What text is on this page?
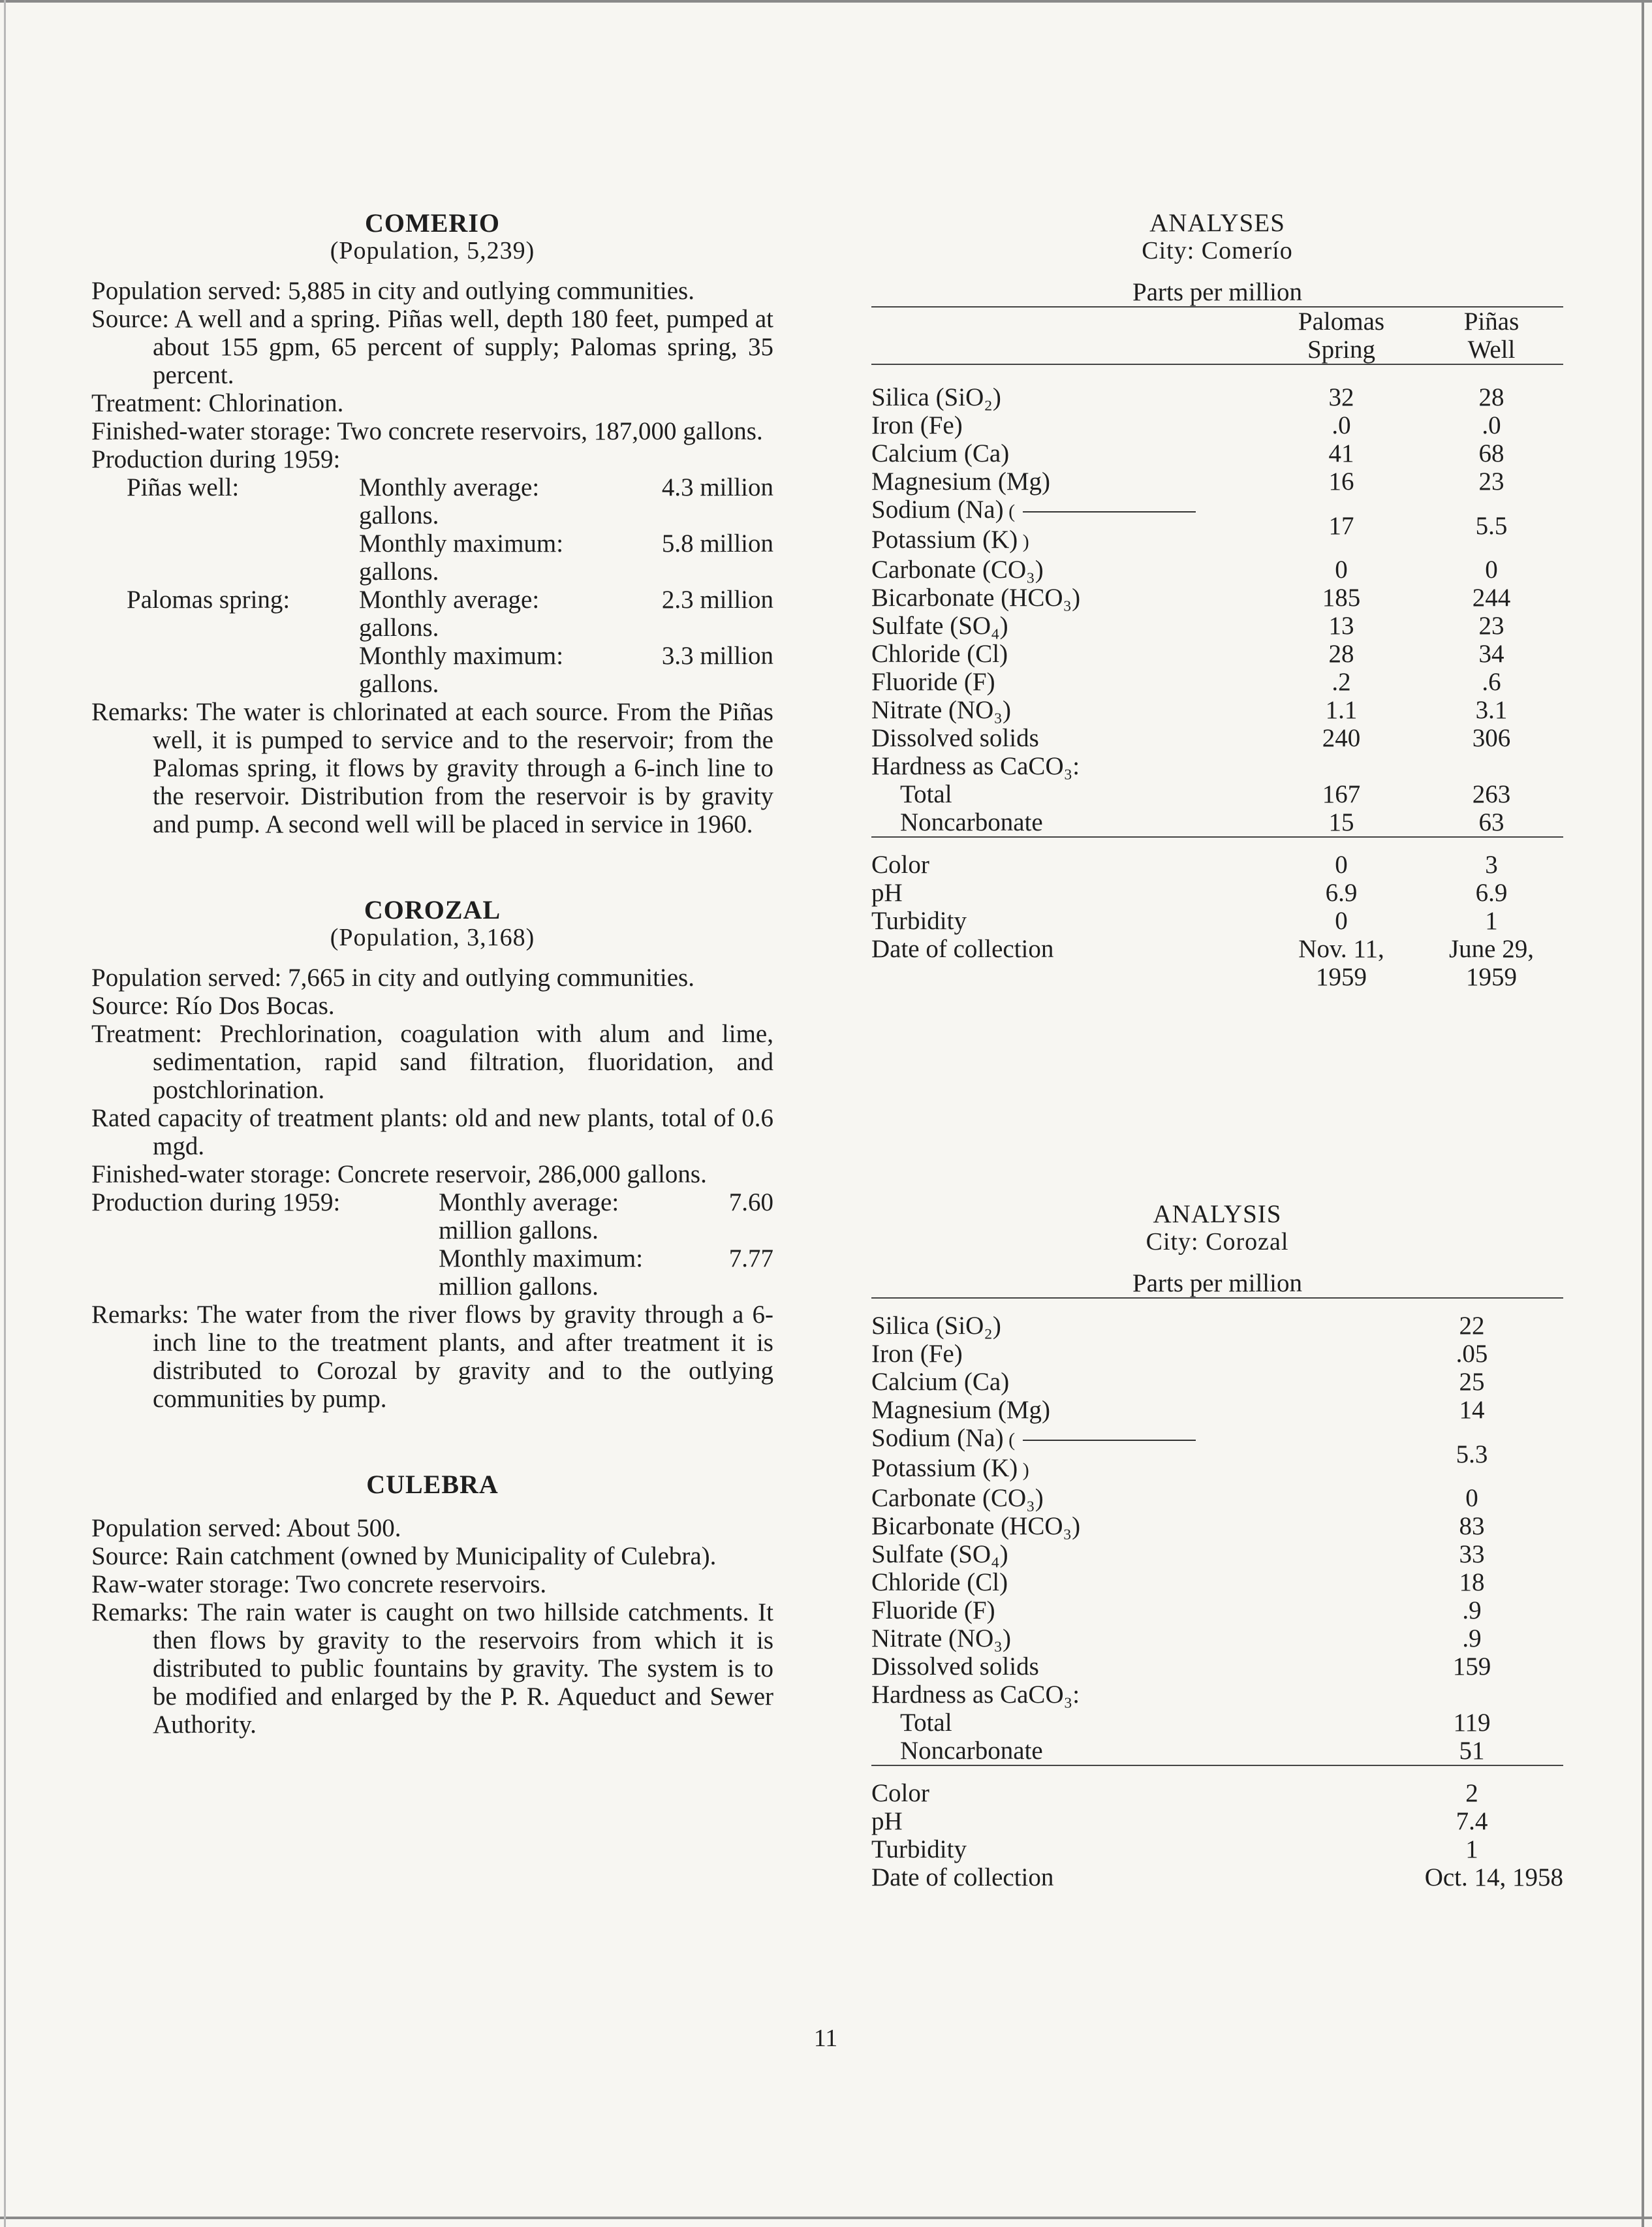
COMERIO
(Population, 5,239)
Population served: 5,885 in city and outlying communities.
Source: A well and a spring. Piñas well, depth 180 feet, pumped at about 155 gpm, 65 percent of supply; Palomas spring, 35 percent.
Treatment: Chlorination.
Finished-water storage: Two concrete reservoirs, 187,000 gallons.
Production during 1959:
Piñas well:	Monthly average:	4.3 million
gallons.
Monthly maximum:	5.8 million
gallons.
Palomas spring:	Monthly average:	2.3 million
gallons.
Monthly maximum:	3.3 million
gallons.
Remarks: The water is chlorinated at each source. From the Piñas well, it is pumped to service and to the reservoir; from the Palomas spring, it flows by gravity through a 6-inch line to the reservoir. Distribution from the reservoir is by gravity and pump. A second well will be placed in service in 1960.
COROZAL
(Population, 3,168)
Population served: 7,665 in city and outlying communities.
Source: Río Dos Bocas.
Treatment: Prechlorination, coagulation with alum and lime, sedimentation, rapid sand filtration, fluoridation, and postchlorination.
Rated capacity of treatment plants: old and new plants, total of 0.6 mgd.
Finished-water storage: Concrete reservoir, 286,000 gallons.
Production during 1959:	Monthly average:	7.60
million gallons.
Monthly maximum:	7.77
million gallons.
Remarks: The water from the river flows by gravity through a 6-inch line to the treatment plants, and after treatment it is distributed to Corozal by gravity and to the outlying communities by pump.
CULEBRA
Population served: About 500.
Source: Rain catchment (owned by Municipality of Culebra).
Raw-water storage: Two concrete reservoirs.
Remarks: The rain water is caught on two hillside catchments. It then flows by gravity to the reservoirs from which it is distributed to public fountains by gravity. The system is to be modified and enlarged by the P. R. Aqueduct and Sewer Authority.
ANALYSES
City: Comerío
Parts per million
	Palomas	Piñas
	Spring	Well

Silica (SiO₂)	32	28
Iron (Fe)	.0	.0
Calcium (Ca)	41	68
Magnesium (Mg)	16	23
Sodium (Na) (	17	5.5
Potassium (K) )		
Carbonate (CO₃)	0	0
Bicarbonate (HCO₃)	185	244
Sulfate (SO₄)	13	23
Chloride (Cl)	28	34
Fluoride (F)	.2	.6
Nitrate (NO₃)	1.1	3.1
Dissolved solids	240	306
Hardness as CaCO₃:		
Total	167	263
Noncarbonate	15	63

Color	0	3
pH	6.9	6.9
Turbidity	0	1
Date of collection	Nov. 11,	June 29,
	1959	1959
ANALYSIS
City: Corozal
Parts per million

Silica (SiO₂)	22
Iron (Fe)	.05
Calcium (Ca)	25
Magnesium (Mg)	14
Sodium (Na) (	5.3
Potassium (K) )	
Carbonate (CO₃)	0
Bicarbonate (HCO₃)	83
Sulfate (SO₄)	33
Chloride (Cl)	18
Fluoride (F)	.9
Nitrate (NO₃)	.9
Dissolved solids	159
Hardness as CaCO₃:	
Total	119
Noncarbonate	51

Color	2
pH	7.4
Turbidity	1
Date of collection	Oct. 14, 1958
11
